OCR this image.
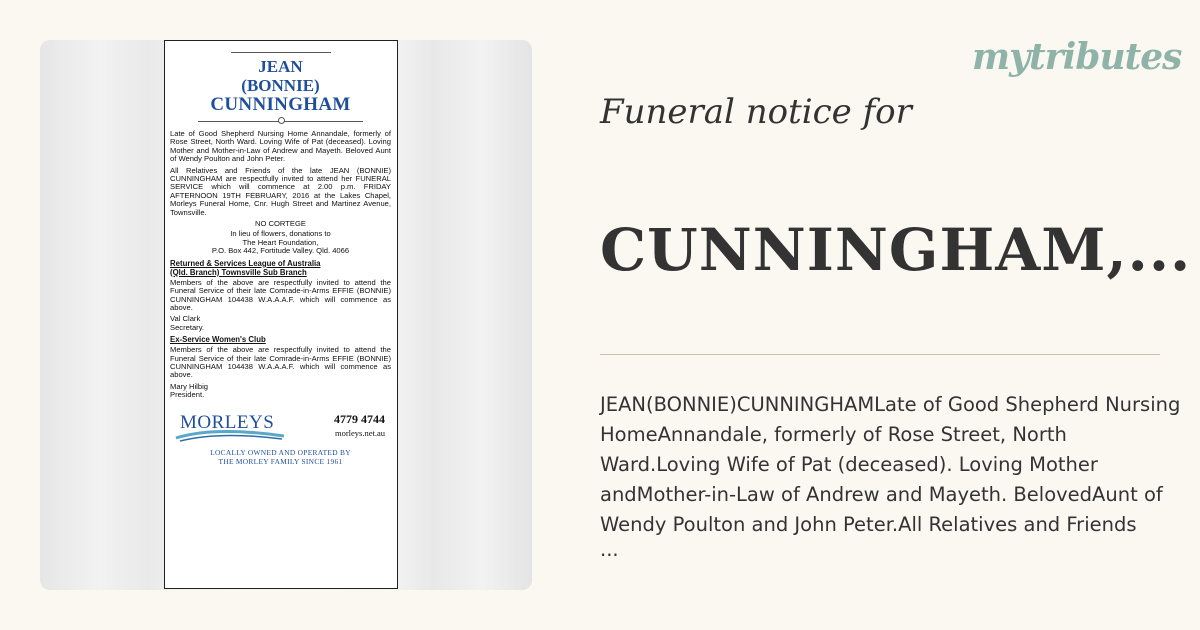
JEAN
(BONNIE)
CUNNINGHAM

Late of Good Shepherd Nursing Home Annandale, formerly of Rose Street, North Ward. Loving Wife of Pat (deceased). Loving Mother and Mother-in-Law of Andrew and Mayeth. Beloved Aunt of Wendy Poulton and John Peter.

All Relatives and Friends of the late JEAN (BONNIE) CUNNINGHAM are respectfully invited to attend her FUNERAL SERVICE which will commence at 2.00 p.m. FRIDAY AFTERNOON 19TH FEBRUARY, 2016 at the Lakes Chapel, Morleys Funeral Home, Cnr. Hugh Street and Martinez Avenue, Townsville.

NO CORTEGE

In lieu of flowers, donations to

The Heart Foundation,

P.O. Box 442, Fortitude Valley. Qld. 4066

Returned & Services League of Australia
(Qld. Branch) Townsville Sub Branch

Members of the above are respectfully invited to attend the Funeral Service of their late Comrade-in-Arms EFFIE (BONNIE) CUNNINGHAM 104438 W.A.A.A.F. which will commence as above.

Val Clark

Secretary.

Ex-Service Women's Club

Members of the above are respectfully invited to attend the Funeral Service of their late Comrade-in-Arms EFFIE (BONNIE) CUNNINGHAM 104438 W.A.A.A.F. which will commence as above.

Mary Hilbig

President.

MORLEYS	4779 4744
morleys.net.au
LOCALLY OWNED AND OPERATED BY
THE MORLEY FAMILY SINCE 1961
mytributes
Funeral notice for
CUNNINGHAM,...
JEAN(BONNIE)CUNNINGHAMLate of Good Shepherd Nursing
HomeAnnandale, formerly of Rose Street, North
Ward.Loving Wife of Pat (deceased). Loving Mother
andMother-in-Law of Andrew and Mayeth. BelovedAunt of
Wendy Poulton and John Peter.All Relatives and Friends
...
